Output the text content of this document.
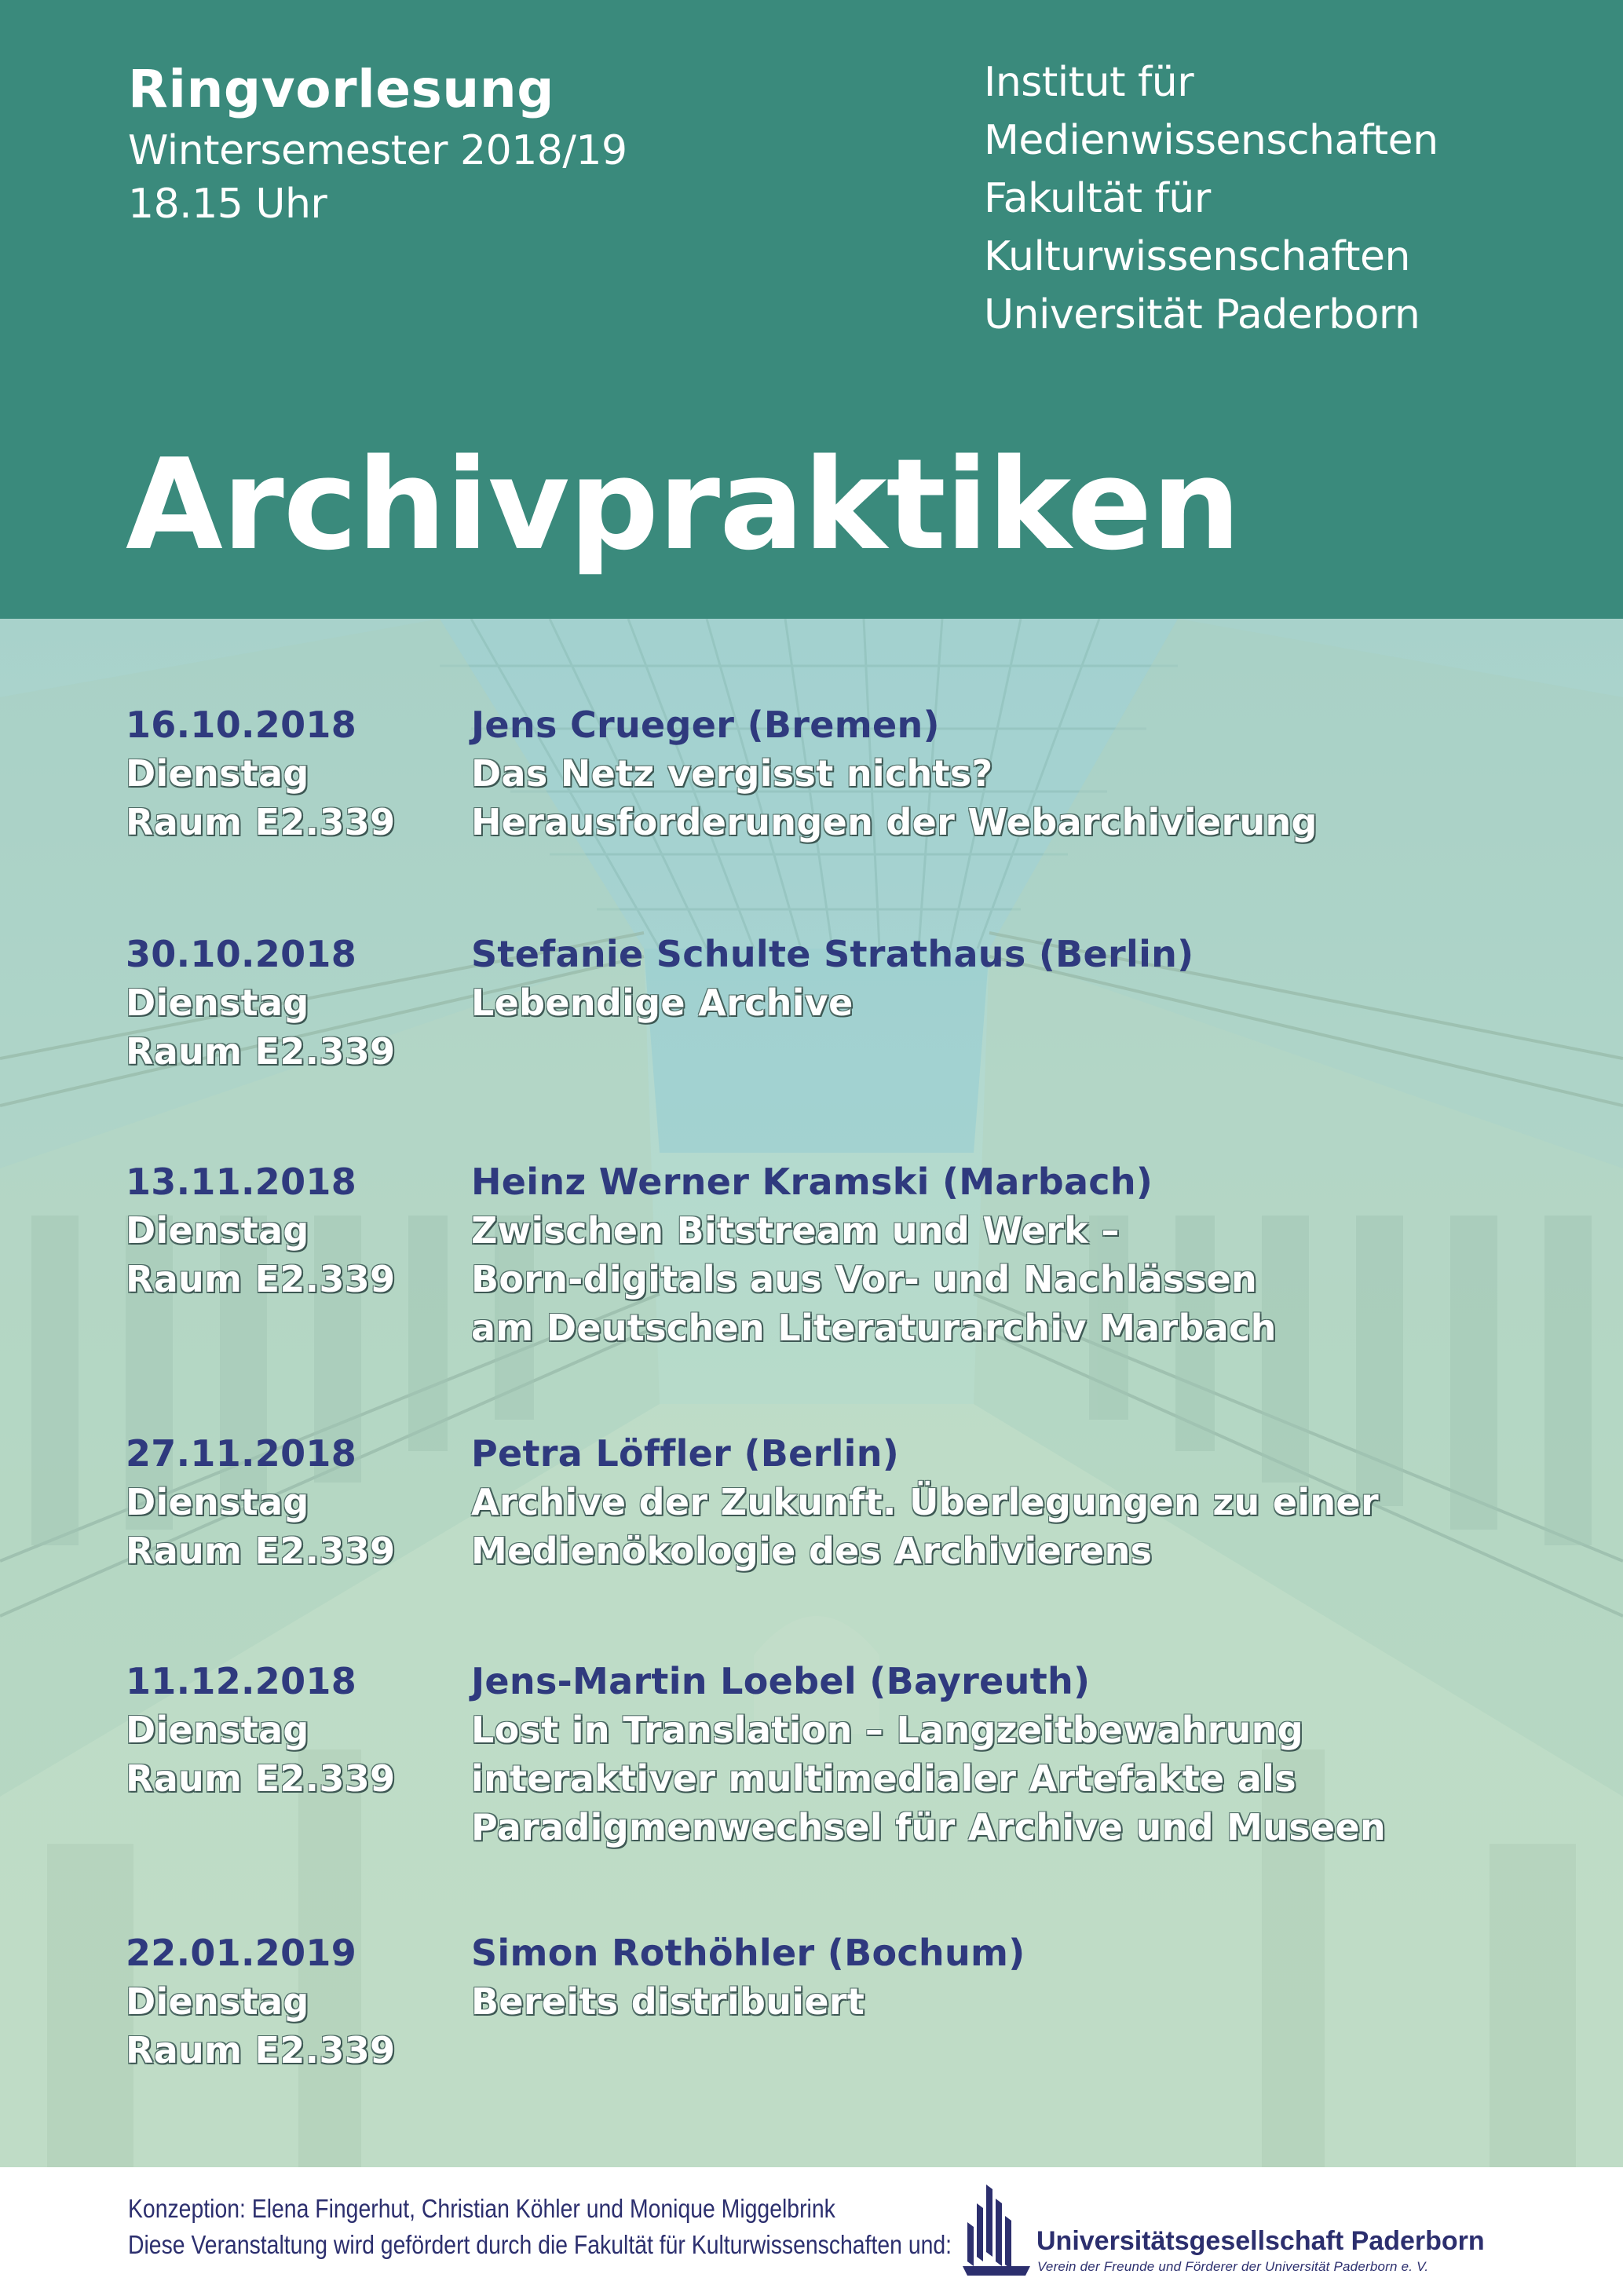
Ringvorlesung
Wintersemester 2018/19
18.15 Uhr
Institut für Medienwissenschaften
Fakultät für Kulturwissenschaften
Universität Paderborn
Archivpraktiken
16.10.2018
Dienstag
Raum E2.339
Jens Crueger (Bremen)
Das Netz vergisst nichts?
Herausforderungen der Webarchivierung
30.10.2018
Dienstag
Raum E2.339
Stefanie Schulte Strathaus (Berlin)
Lebendige Archive
13.11.2018
Dienstag
Raum E2.339
Heinz Werner Kramski (Marbach)
Zwischen Bitstream und Werk –
Born-digitals aus Vor- und Nachlässen
am Deutschen Literaturarchiv Marbach
27.11.2018
Dienstag
Raum E2.339
Petra Löffler (Berlin)
Archive der Zukunft. Überlegungen zu einer
Medienökologie des Archivierens
11.12.2018
Dienstag
Raum E2.339
Jens-Martin Loebel (Bayreuth)
Lost in Translation – Langzeitbewahrung
interaktiver multimedialer Artefakte als
Paradigmenwechsel für Archive und Museen
22.01.2019
Dienstag
Raum E2.339
Simon Rothöhler (Bochum)
Bereits distribuiert
Konzeption: Elena Fingerhut, Christian Köhler und Monique Miggelbrink
Diese Veranstaltung wird gefördert durch die Fakultät für Kulturwissenschaften und:	Universitätsgesellschaft Paderborn
Verein der Freunde und Förderer der Universität Paderborn e. V.
